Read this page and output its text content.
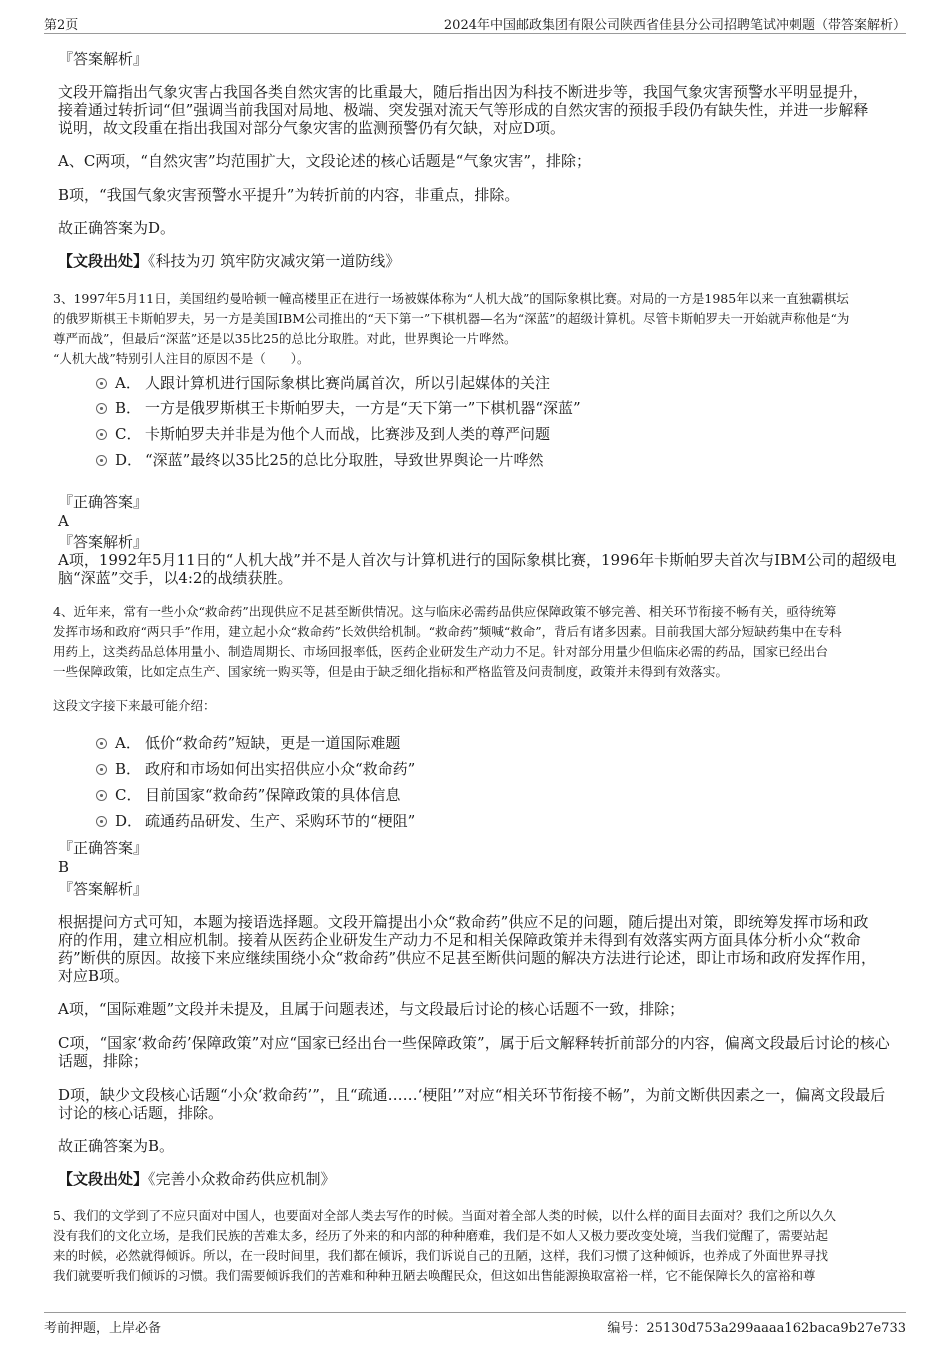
第2页	2024年中国邮政集团有限公司陕西省佳县分公司招聘笔试冲刺题（带答案解析）
『答案解析』
文段开篇指出气象灾害占我国各类自然灾害的比重最大，随后指出因为科技不断进步等，我国气象灾害预警水平明显提升，
接着通过转折词“但”强调当前我国对局地、极端、突发强对流天气等形成的自然灾害的预报手段仍有缺失性，并进一步解释
说明，故文段重在指出我国对部分气象灾害的监测预警仍有欠缺，对应D项。
A、C两项，“自然灾害”均范围扩大，文段论述的核心话题是“气象灾害”，排除；
B项，“我国气象灾害预警水平提升”为转折前的内容，非重点，排除。
故正确答案为D。
【文段出处】《科技为刃 筑牢防灾减灾第一道防线》
3、1997年5月11日，美国纽约曼哈顿一幢高楼里正在进行一场被媒体称为“人机大战”的国际象棋比赛。对局的一方是1985年以来一直独霸棋坛
的俄罗斯棋王卡斯帕罗夫，另一方是美国IBM公司推出的“天下第一”下棋机器—名为“深蓝”的超级计算机。尽管卡斯帕罗夫一开始就声称他是“为
尊严而战”，但最后“深蓝”还是以35比25的总比分取胜。对此，世界舆论一片哗然。
“人机大战”特别引人注目的原因不是（　　）。
A． 人跟计算机进行国际象棋比赛尚属首次，所以引起媒体的关注
B． 一方是俄罗斯棋王卡斯帕罗夫，一方是“天下第一”下棋机器“深蓝”
C． 卡斯帕罗夫并非是为他个人而战，比赛涉及到人类的尊严问题
D． “深蓝”最终以35比25的总比分取胜，导致世界舆论一片哗然
『正确答案』
A
『答案解析』
A项，1992年5月11日的“人机大战”并不是人首次与计算机进行的国际象棋比赛，1996年卡斯帕罗夫首次与IBM公司的超级电
脑“深蓝”交手，以4:2的战绩获胜。
4、近年来，常有一些小众“救命药”出现供应不足甚至断供情况。这与临床必需药品供应保障政策不够完善、相关环节衔接不畅有关，亟待统筹
发挥市场和政府“两只手”作用，建立起小众“救命药”长效供给机制。“救命药”频喊“救命”，背后有诸多因素。目前我国大部分短缺药集中在专科
用药上，这类药品总体用量小、制造周期长、市场回报率低，医药企业研发生产动力不足。针对部分用量少但临床必需的药品，国家已经出台
一些保障政策，比如定点生产、国家统一购买等，但是由于缺乏细化指标和严格监管及问责制度，政策并未得到有效落实。
这段文字接下来最可能介绍：
A． 低价“救命药”短缺，更是一道国际难题
B． 政府和市场如何出实招供应小众“救命药”
C． 目前国家“救命药”保障政策的具体信息
D． 疏通药品研发、生产、采购环节的“梗阻”
『正确答案』
B
『答案解析』
根据提问方式可知，本题为接语选择题。文段开篇提出小众“救命药”供应不足的问题，随后提出对策，即统筹发挥市场和政
府的作用，建立相应机制。接着从医药企业研发生产动力不足和相关保障政策并未得到有效落实两方面具体分析小众“救命
药”断供的原因。故接下来应继续围绕小众“救命药”供应不足甚至断供问题的解决方法进行论述，即让市场和政府发挥作用，
对应B项。
A项，“国际难题”文段并未提及，且属于问题表述，与文段最后讨论的核心话题不一致，排除；
C项，“国家‘救命药’保障政策”对应“国家已经出台一些保障政策”，属于后文解释转折前部分的内容，偏离文段最后讨论的核心
话题，排除；
D项，缺少文段核心话题“小众‘救命药’”，且“疏通……‘梗阻’”对应“相关环节衔接不畅”，为前文断供因素之一，偏离文段最后
讨论的核心话题，排除。
故正确答案为B。
【文段出处】《完善小众救命药供应机制》
5、我们的文学到了不应只面对中国人，也要面对全部人类去写作的时候。当面对着全部人类的时候，以什么样的面目去面对？我们之所以久久
没有我们的文化立场，是我们民族的苦难太多，经历了外来的和内部的种种磨难，我们是不如人又极力要改变处境，当我们觉醒了，需要站起
来的时候，必然就得倾诉。所以，在一段时间里，我们都在倾诉，我们诉说自己的丑陋，这样，我们习惯了这种倾诉，也养成了外面世界寻找
我们就要听我们倾诉的习惯。我们需要倾诉我们的苦难和种种丑陋去唤醒民众，但这如出售能源换取富裕一样，它不能保障长久的富裕和尊
考前押题，上岸必备	编号：25130d753a299aaaa162baca9b27e733
